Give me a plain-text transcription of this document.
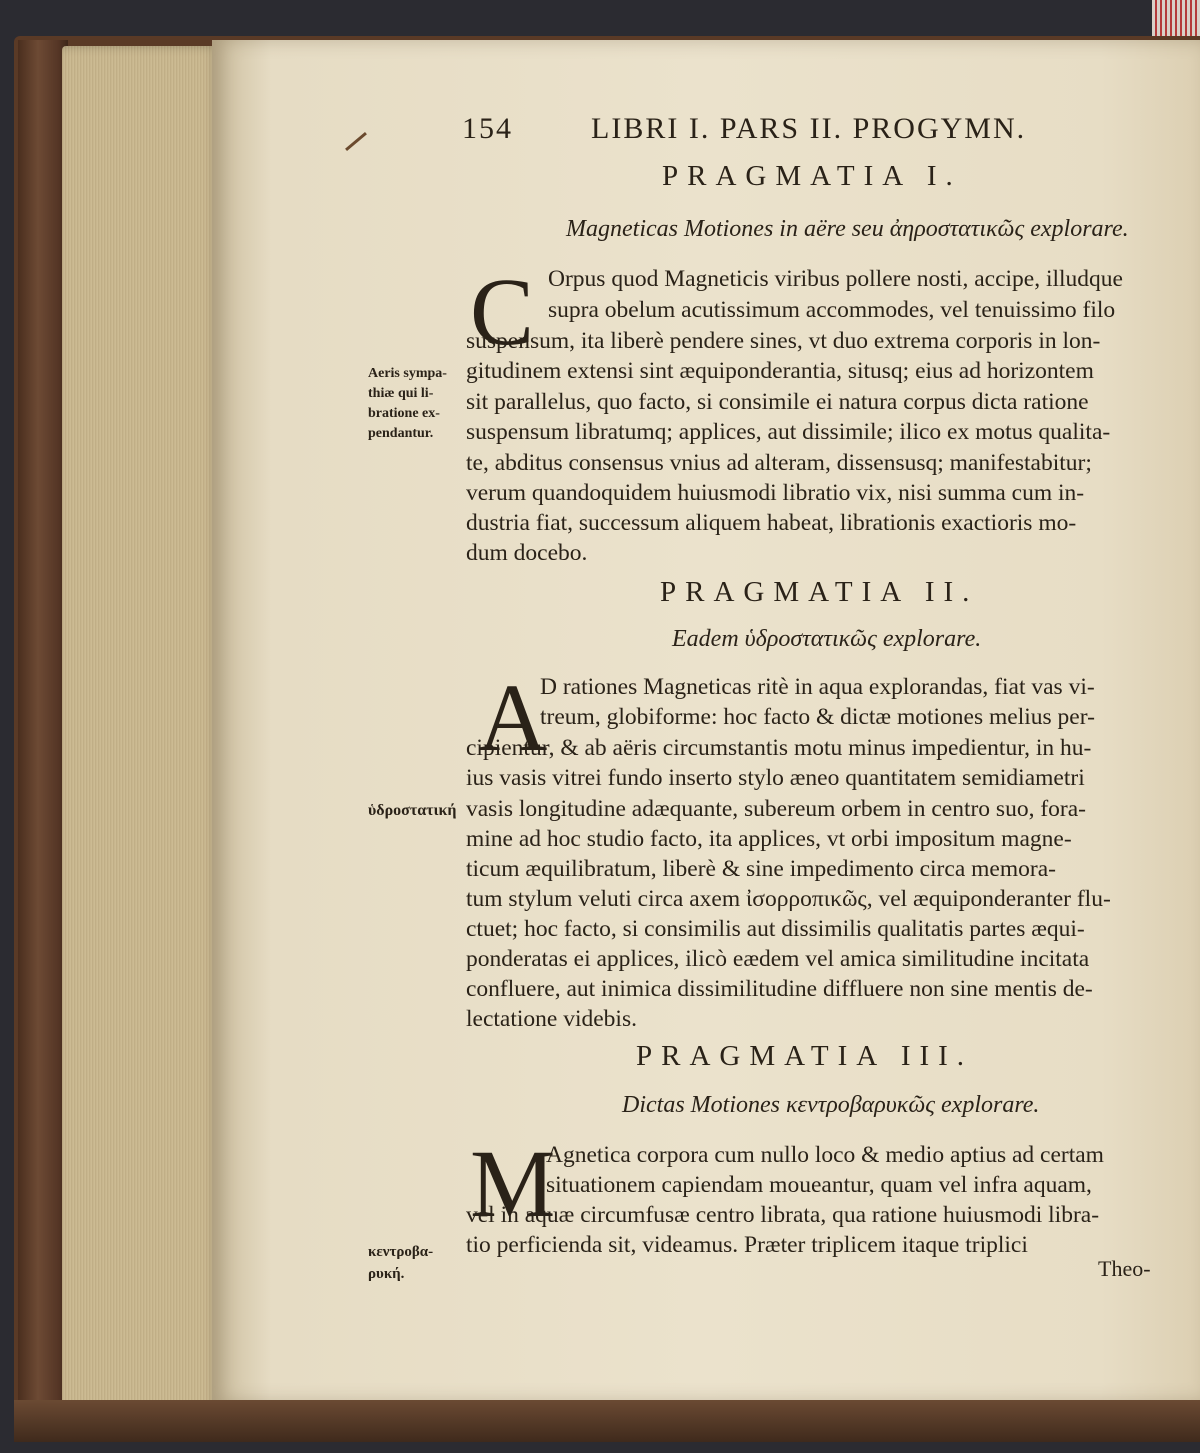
154	LIBRI I. PARS II. PROGYMN.
PRAGMATIA I.
Magneticas Motiones in aëre seu ἀηροστατικῶς explorare.
C Orpus quod Magneticis viribus pollere nosti, accipe, illudque
supra obelum acutissimum accommodes, vel tenuissimo filo
suspensum, ita liberè pendere sines, vt duo extrema corporis in lon-
gitudinem extensi sint æquiponderantia, situsq; eius ad horizontem
sit parallelus, quo facto, si consimile ei natura corpus dicta ratione
suspensum libratumq; applices, aut dissimile; ilico ex motus qualita-
te, abditus consensus vnius ad alteram, dissensusq; manifestabitur;
verum quandoquidem huiusmodi libratio vix, nisi summa cum in-
dustria fiat, successum aliquem habeat, librationis exactioris mo-
dum docebo.
Aeris sympa-
thiæ qui li-
bratione ex-
pendantur.
PRAGMATIA II.
Eadem ὑδροστατικῶς explorare.
A
D rationes Magneticas ritè in aqua explorandas, fiat vas vi-
treum, globiforme: hoc facto & dictæ motiones melius per-
cipientur, & ab aëris circumstantis motu minus impedientur, in hu-
ius vasis vitrei fundo inserto stylo æneo quantitatem semidiametri
vasis longitudine adæquante, subereum orbem in centro suo, fora-
mine ad hoc studio facto, ita applices, vt orbi impositum magne-
ticum æquilibratum, liberè & sine impedimento circa memora-
tum stylum veluti circa axem ἰσορροπικῶς, vel æquiponderanter flu-
ctuet; hoc facto, si consimilis aut dissimilis qualitatis partes æqui-
ponderatas ei applices, ilicò eædem vel amica similitudine incitata
confluere, aut inimica dissimilitudine diffluere non sine mentis de-
lectatione videbis.
ὑδροστατική
PRAGMATIA III.
Dictas Motiones κεντροβαρυκῶς explorare.
M
Agnetica corpora cum nullo loco & medio aptius ad certam
situationem capiendam moueantur, quam vel infra aquam,
vel in aquæ circumfusæ centro librata, qua ratione huiusmodi libra-
tio perficienda sit, videamus. Præter triplicem itaque triplici
κεντροβα-
ρυκή.	Theo-
